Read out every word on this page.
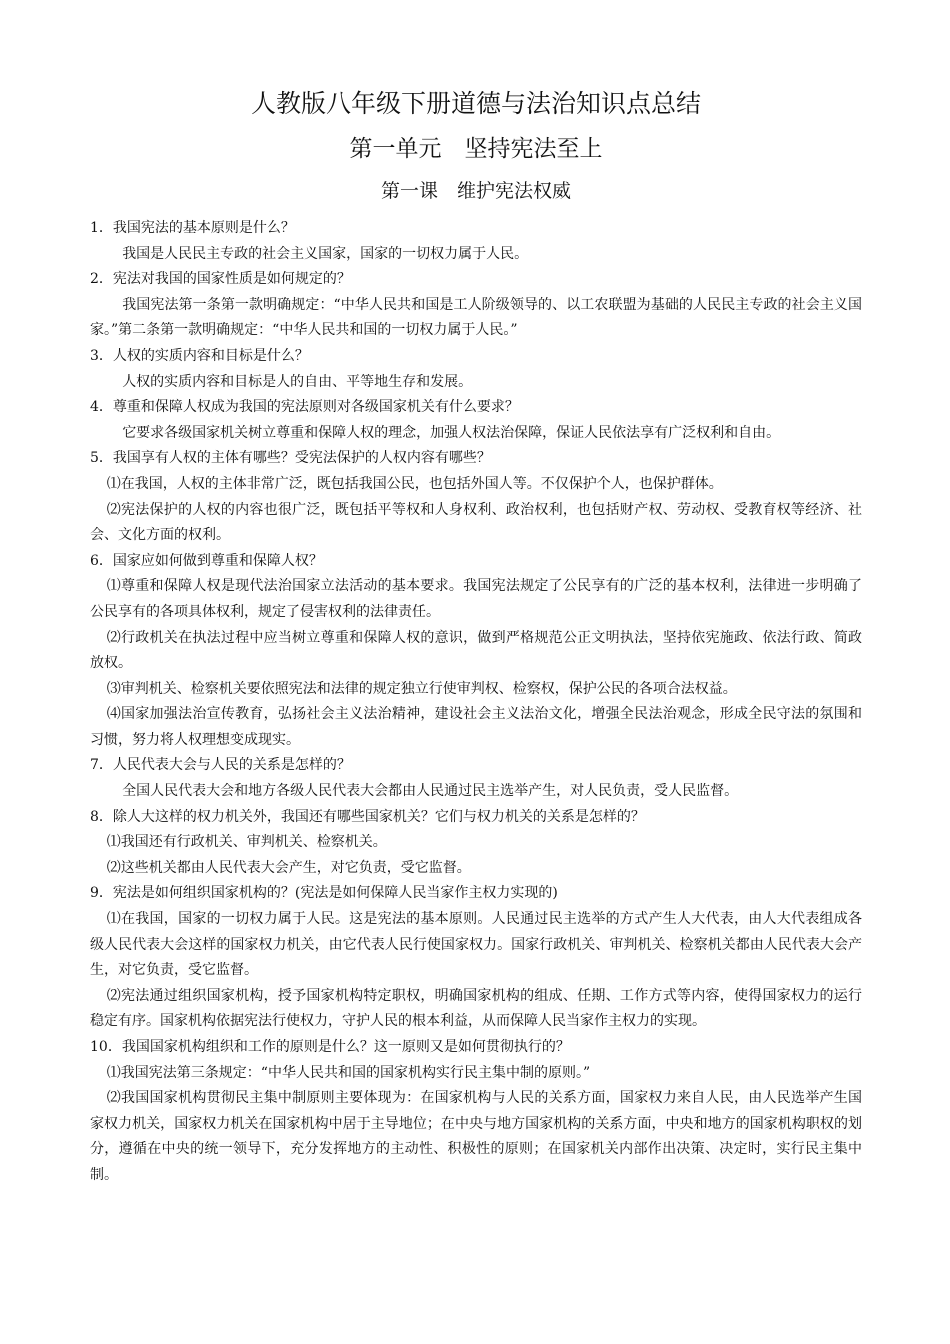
人教版八年级下册道德与法治知识点总结
第一单元　坚持宪法至上
第一课　维护宪法权威

1．我国宪法的基本原则是什么？

我国是人民民主专政的社会主义国家，国家的一切权力属于人民。

2．宪法对我国的国家性质是如何规定的？

我国宪法第一条第一款明确规定：“中华人民共和国是工人阶级领导的、以工农联盟为基础的人民民主专政的社会主义国家。”第二条第一款明确规定：“中华人民共和国的一切权力属于人民。”

3．人权的实质内容和目标是什么？

人权的实质内容和目标是人的自由、平等地生存和发展。

4．尊重和保障人权成为我国的宪法原则对各级国家机关有什么要求？

它要求各级国家机关树立尊重和保障人权的理念，加强人权法治保障，保证人民依法享有广泛权利和自由。

5．我国享有人权的主体有哪些？受宪法保护的人权内容有哪些？

⑴在我国，人权的主体非常广泛，既包括我国公民，也包括外国人等。不仅保护个人，也保护群体。

⑵宪法保护的人权的内容也很广泛，既包括平等权和人身权利、政治权利，也包括财产权、劳动权、受教育权等经济、社会、文化方面的权利。

6．国家应如何做到尊重和保障人权？

⑴尊重和保障人权是现代法治国家立法活动的基本要求。我国宪法规定了公民享有的广泛的基本权利，法律进一步明确了公民享有的各项具体权利，规定了侵害权利的法律责任。

⑵行政机关在执法过程中应当树立尊重和保障人权的意识，做到严格规范公正文明执法，坚持依宪施政、依法行政、简政放权。

⑶审判机关、检察机关要依照宪法和法律的规定独立行使审判权、检察权，保护公民的各项合法权益。

⑷国家加强法治宣传教育，弘扬社会主义法治精神，建设社会主义法治文化，增强全民法治观念，形成全民守法的氛围和习惯，努力将人权理想变成现实。

7．人民代表大会与人民的关系是怎样的？

全国人民代表大会和地方各级人民代表大会都由人民通过民主选举产生，对人民负责，受人民监督。

8．除人大这样的权力机关外，我国还有哪些国家机关？它们与权力机关的关系是怎样的？

⑴我国还有行政机关、审判机关、检察机关。

⑵这些机关都由人民代表大会产生，对它负责，受它监督。

9．宪法是如何组织国家机构的？(宪法是如何保障人民当家作主权力实现的)

⑴在我国，国家的一切权力属于人民。这是宪法的基本原则。人民通过民主选举的方式产生人大代表，由人大代表组成各级人民代表大会这样的国家权力机关，由它代表人民行使国家权力。国家行政机关、审判机关、检察机关都由人民代表大会产生，对它负责，受它监督。

⑵宪法通过组织国家机构，授予国家机构特定职权，明确国家机构的组成、任期、工作方式等内容，使得国家权力的运行稳定有序。国家机构依据宪法行使权力，守护人民的根本利益，从而保障人民当家作主权力的实现。

10．我国国家机构组织和工作的原则是什么？这一原则又是如何贯彻执行的？

⑴我国宪法第三条规定：“中华人民共和国的国家机构实行民主集中制的原则。”

⑵我国国家机构贯彻民主集中制原则主要体现为：在国家机构与人民的关系方面，国家权力来自人民，由人民选举产生国家权力机关，国家权力机关在国家机构中居于主导地位；在中央与地方国家机构的关系方面，中央和地方的国家机构职权的划分，遵循在中央的统一领导下，充分发挥地方的主动性、积极性的原则；在国家机关内部作出决策、决定时，实行民主集中制。
